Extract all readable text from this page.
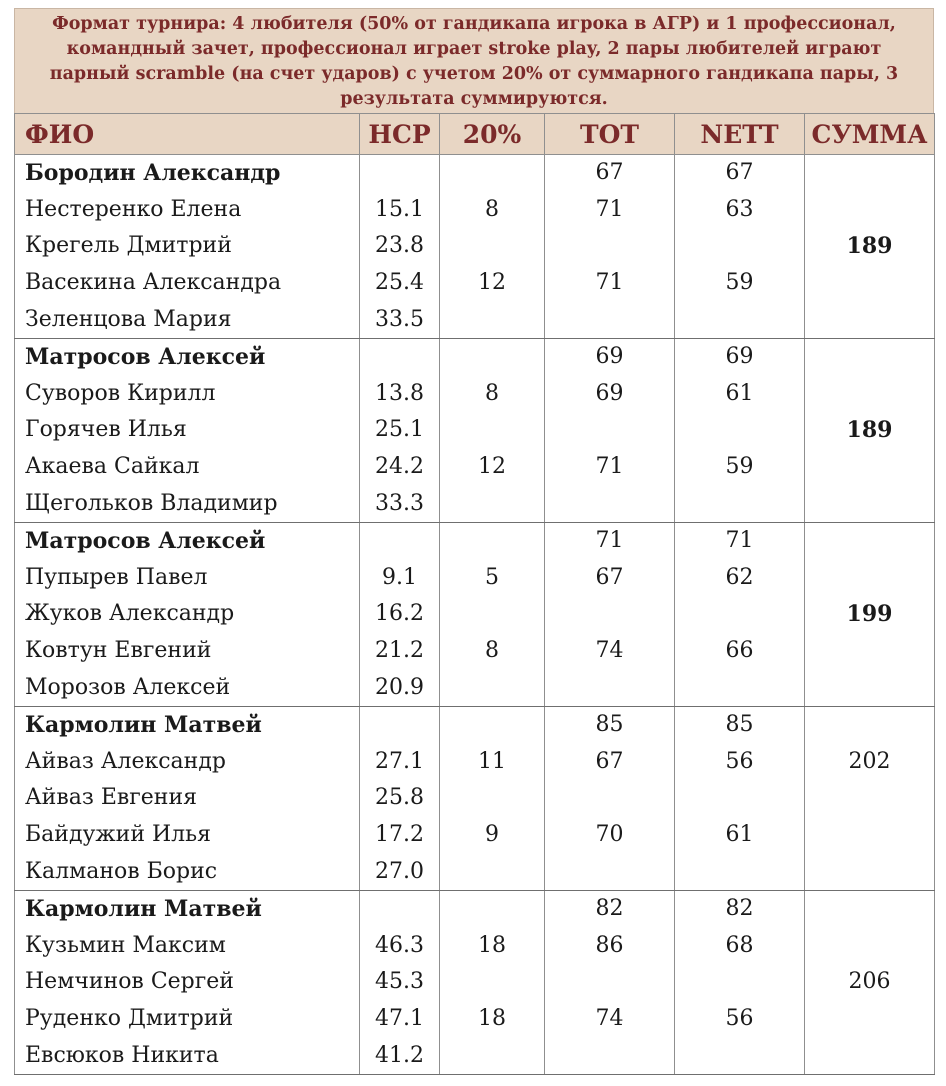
Формат турнира: 4 любителя (50% от гандикапа игрока в АГР) и 1 профессионал, командный зачет, профессионал играет stroke play, 2 пары любителей играют парный scramble (на счет ударов) с учетом 20% от суммарного гандикапа пары, 3 результата суммируются.
ФИО	HCP	20%	TOT	NETT	СУММА
Бородин Александр			67	67	
Нестеренко Елена	15.1	8	71	63	
Крегель Дмитрий	23.8				189
Васекина Александра	25.4	12	71	59	
Зеленцова Мария	33.5				
Матросов Алексей			69	69	
Суворов Кирилл	13.8	8	69	61	
Горячев Илья	25.1				189
Акаева Сайкал	24.2	12	71	59	
Щегольков Владимир	33.3				
Матросов Алексей			71	71	
Пупырев Павел	9.1	5	67	62	
Жуков Александр	16.2				199
Ковтун Евгений	21.2	8	74	66	
Морозов Алексей	20.9				
Кармолин Матвей			85	85	
Айваз Александр	27.1	11	67	56	202
Айваз Евгения	25.8				
Байдужий Илья	17.2	9	70	61	
Калманов Борис	27.0				
Кармолин Матвей			82	82	
Кузьмин Максим	46.3	18	86	68	
Немчинов Сергей	45.3				206
Руденко Дмитрий	47.1	18	74	56	
Евсюков Никита	41.2				
